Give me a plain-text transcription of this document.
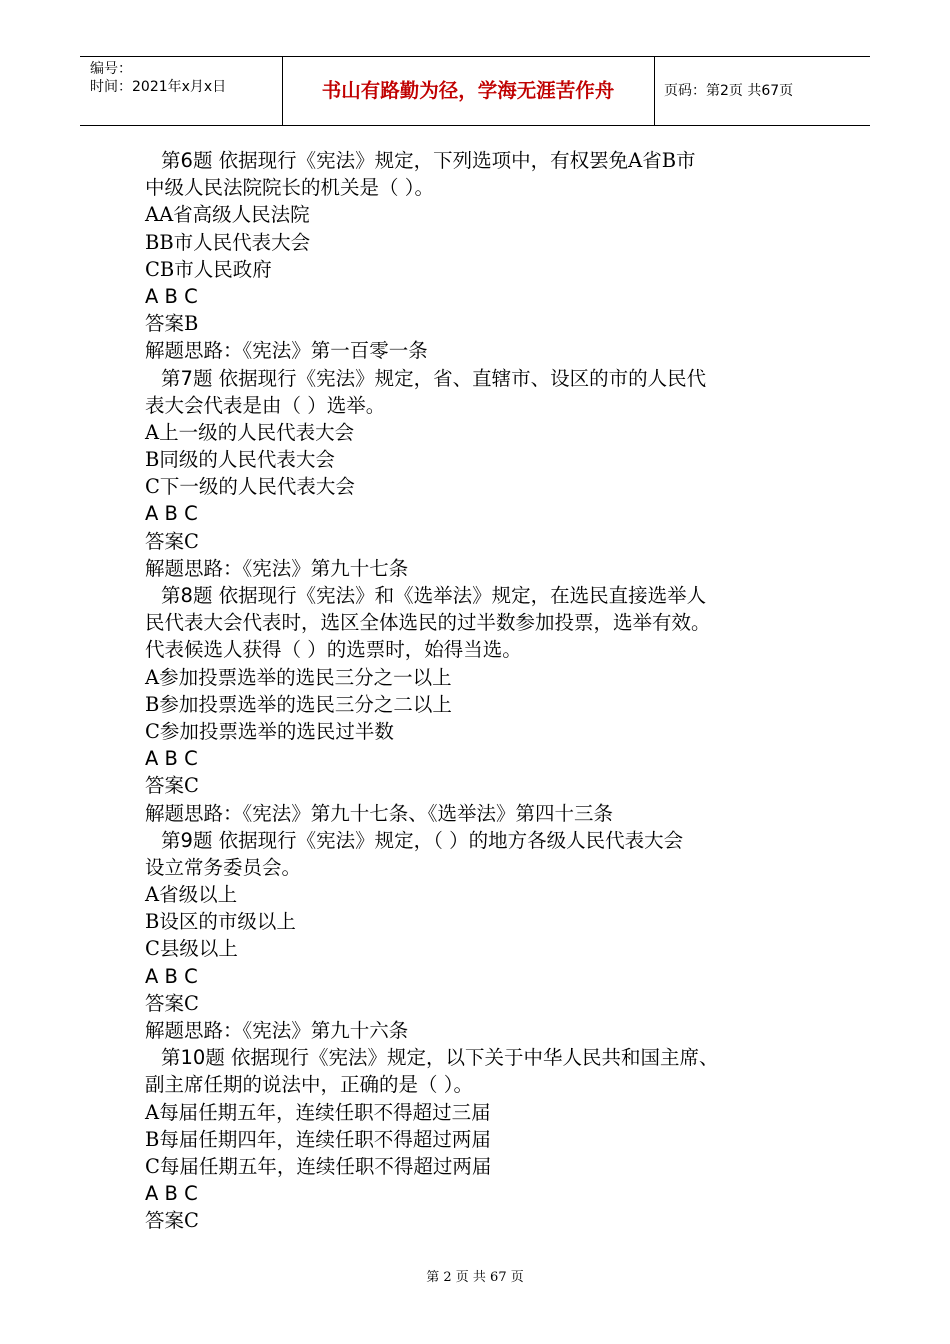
编号：
时间：2021年x月x日	书山有路勤为径，学海无涯苦作舟	页码：第2页 共67页
第6题 依据现行《宪法》规定，下列选项中，有权罢免A省B市
中级人民法院院长的机关是（ ）。
AA省高级人民法院
BB市人民代表大会
CB市人民政府
A B C
答案B
解题思路：《宪法》第一百零一条
第7题 依据现行《宪法》规定，省、直辖市、设区的市的人民代
表大会代表是由（ ）选举。
A上一级的人民代表大会
B同级的人民代表大会
C下一级的人民代表大会
A B C
答案C
解题思路：《宪法》第九十七条
第8题 依据现行《宪法》和《选举法》规定，在选民直接选举人
民代表大会代表时，选区全体选民的过半数参加投票，选举有效。
代表候选人获得（ ）的选票时，始得当选。
A参加投票选举的选民三分之一以上
B参加投票选举的选民三分之二以上
C参加投票选举的选民过半数
A B C
答案C
解题思路：《宪法》第九十七条、《选举法》第四十三条
第9题 依据现行《宪法》规定，（ ）的地方各级人民代表大会
设立常务委员会。
A省级以上
B设区的市级以上
C县级以上
A B C
答案C
解题思路：《宪法》第九十六条
第10题 依据现行《宪法》规定，以下关于中华人民共和国主席、
副主席任期的说法中，正确的是（ ）。
A每届任期五年，连续任职不得超过三届
B每届任期四年，连续任职不得超过两届
C每届任期五年，连续任职不得超过两届
A B C
答案C
第 2 页 共 67 页
